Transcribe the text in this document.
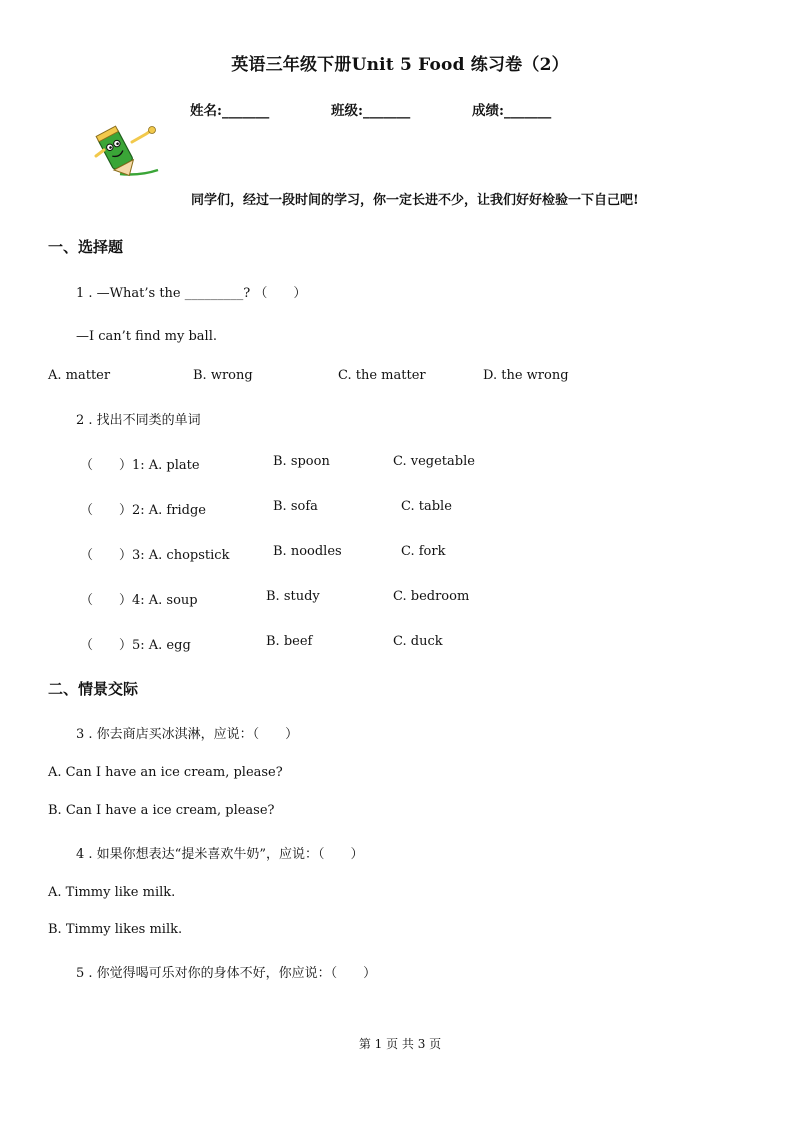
英语三年级下册Unit 5 Food 练习卷（2）
姓名:_______	班级:_______	成绩:_______
同学们，经过一段时间的学习，你一定长进不少，让我们好好检验一下自己吧!
一、选择题
1 . —What’s the _________? （　　）
—I can’t find my ball.
A. matter	B. wrong	C. the matter	D. the wrong
2 . 找出不同类的单词
（　　）1: A. plate	B. spoon	C. vegetable
（　　）2: A. fridge	B. sofa	C. table
（　　）3: A. chopstick	B. noodles	C. fork
（　　）4: A. soup	B. study	C. bedroom
（　　）5: A. egg	B. beef	C. duck
二、情景交际
3 . 你去商店买冰淇淋，应说：（　　）
A. Can I have an ice cream, please?
B. Can I have a ice cream, please?
4 . 如果你想表达“提米喜欢牛奶”，应说：（　　）
A. Timmy like milk.
B. Timmy likes milk.
5 . 你觉得喝可乐对你的身体不好，你应说：（　　）
第 1 页 共 3 页
